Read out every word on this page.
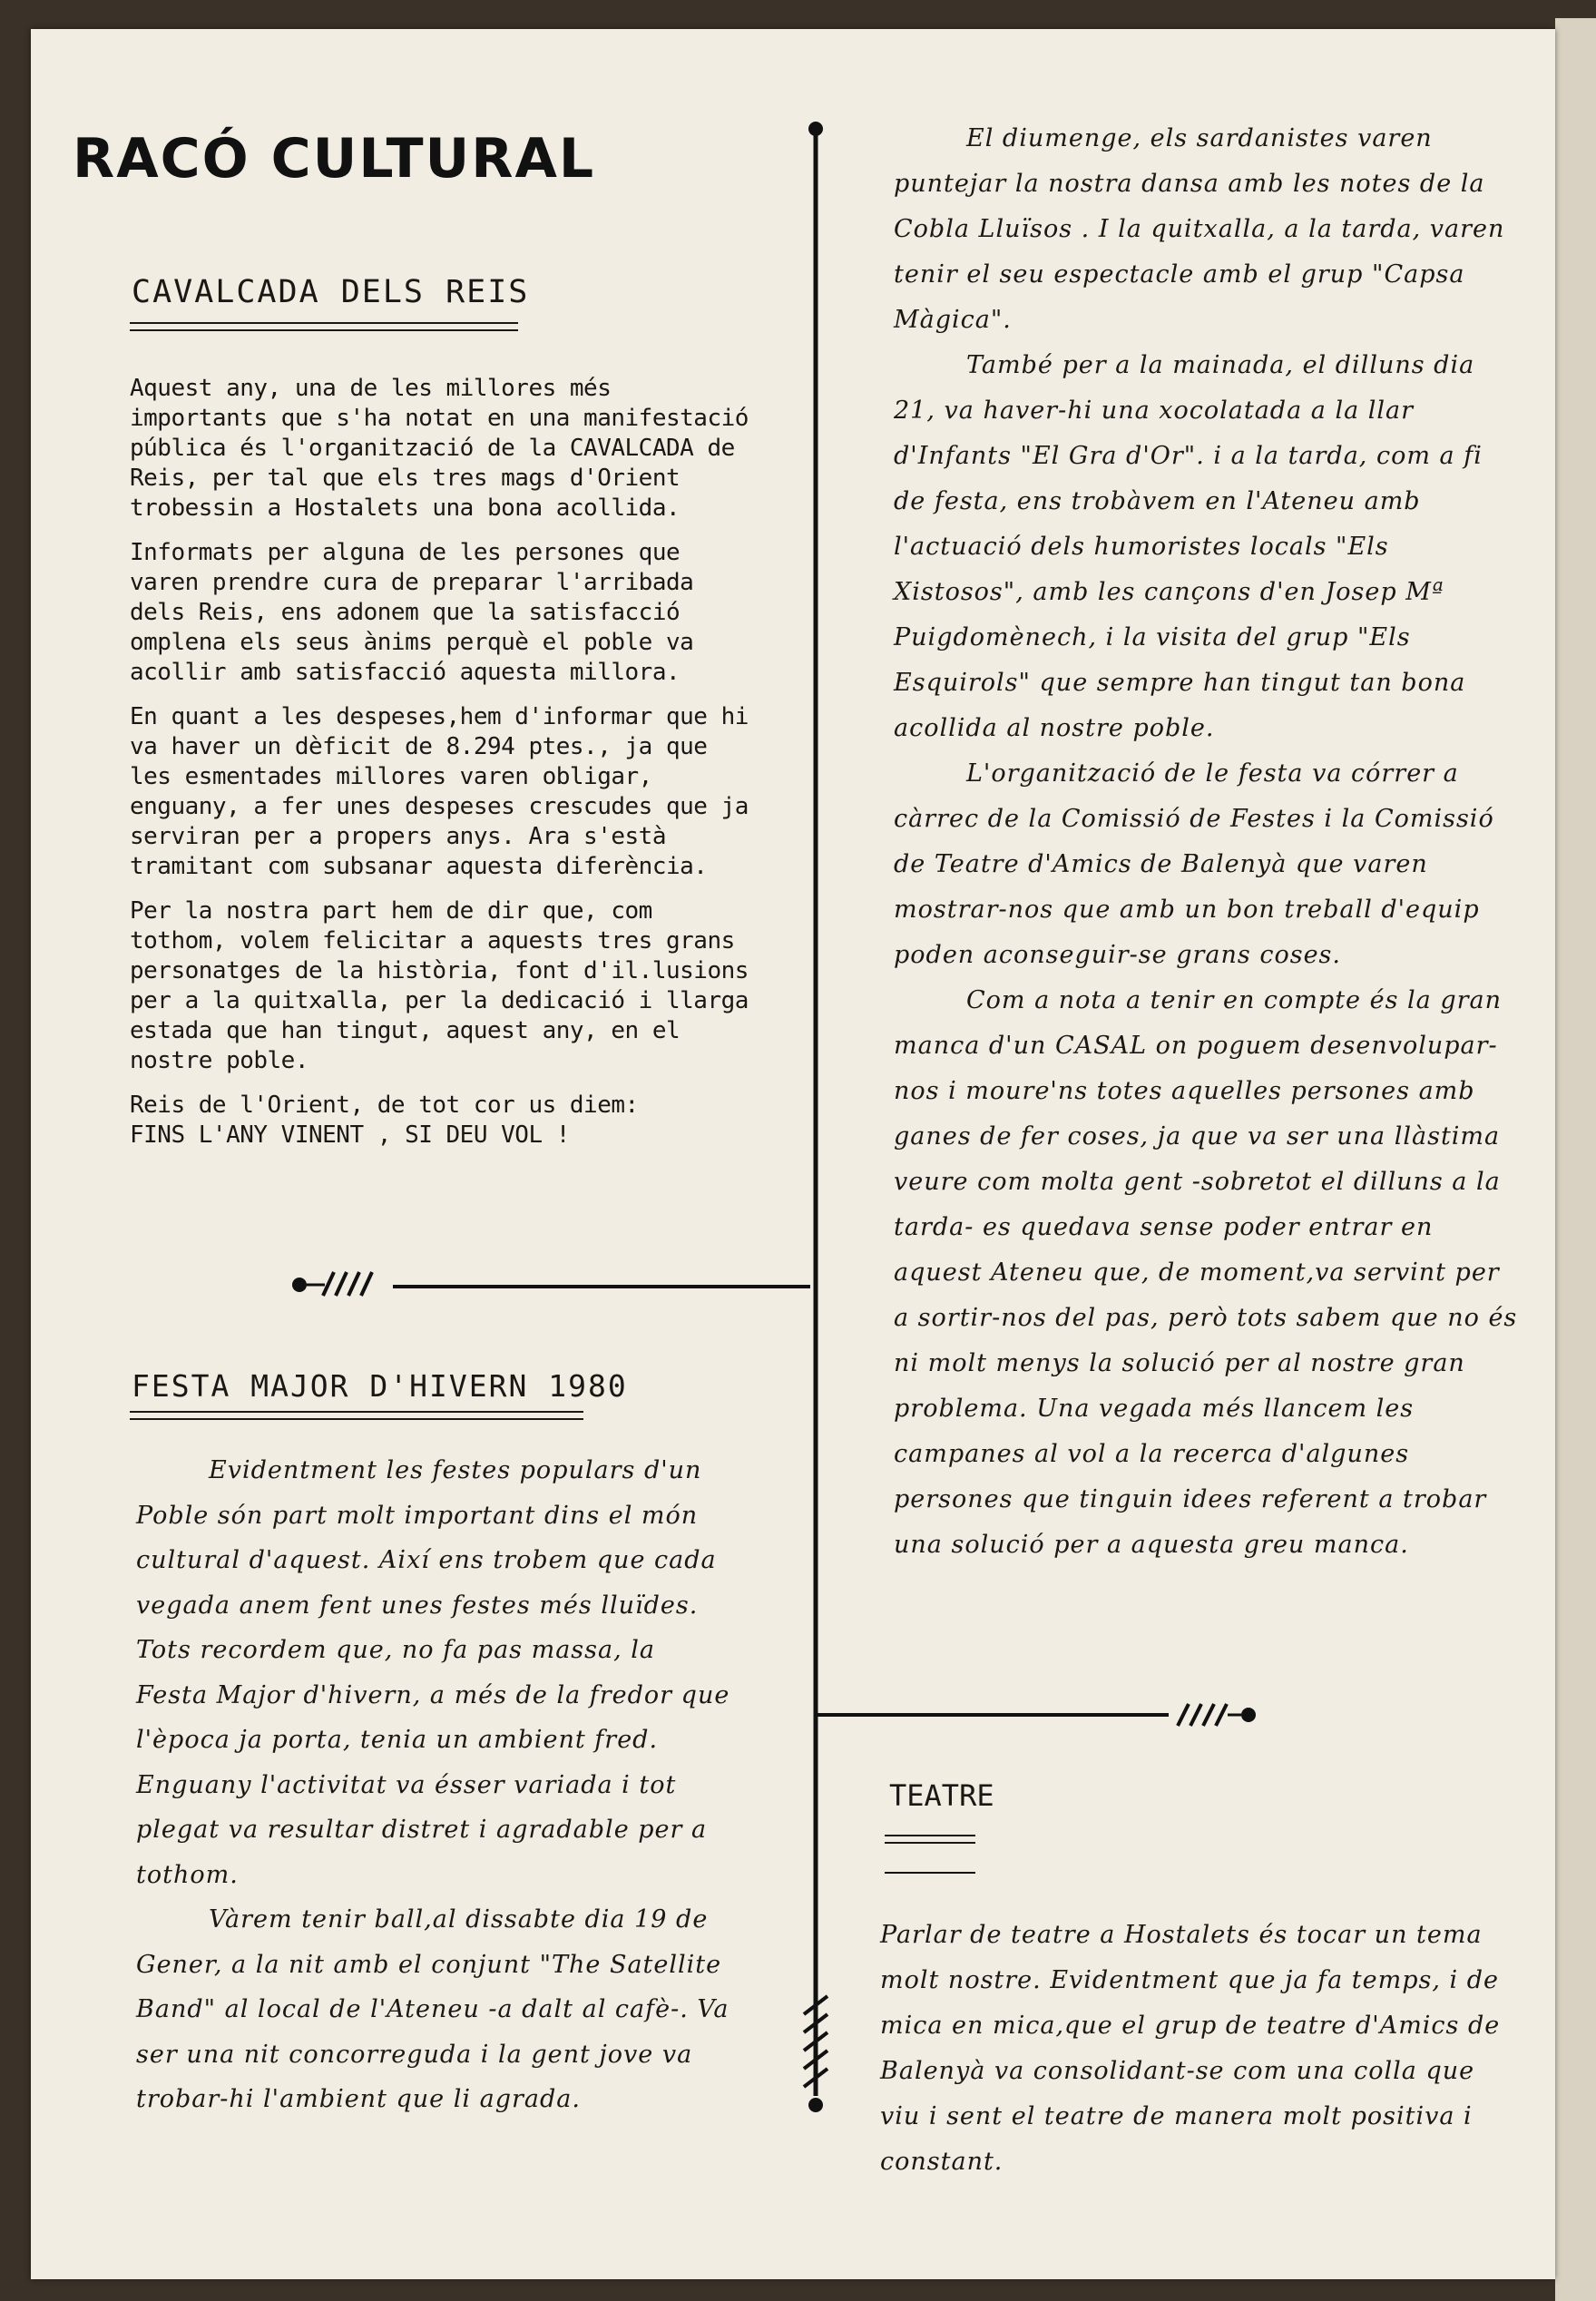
RACÓ CULTURAL
CAVALCADA DELS REIS

Aquest any, una de les millores més importants que s'ha notat en una manifestació pública és l'organització de la CAVALCADA de Reis, per tal que els tres mags d'Orient trobessin a Hostalets una bona acollida.

Informats per alguna de les persones que varen prendre cura de preparar l'arribada dels Reis, ens adonem que la satisfacció omplena els seus ànims perquè el poble va acollir amb satisfacció aquesta millora.

En quant a les despeses,hem d'informar que hi va haver un dèficit de 8.294 ptes., ja que les esmentades millores varen obligar, enguany, a fer unes despeses crescudes que ja serviran per a propers anys. Ara s'està tramitant com subsanar aquesta diferència.

Per la nostra part hem de dir que, com tothom, volem felicitar a aquests tres grans personatges de la història, font d'il.lusions per a la quitxalla, per la dedicació i llarga estada que han tingut, aquest any, en el nostre poble.

Reis de l'Orient, de tot cor us diem:

FINS L'ANY VINENT , SI DEU VOL !

FESTA MAJOR D'HIVERN 1980

Evidentment les festes populars d'un Poble són part molt important dins el món cultural d'aquest. Així ens trobem que cada vegada anem fent unes festes més lluïdes. Tots recordem que, no fa pas massa, la Festa Major d'hivern, a més de la fredor que l'època ja porta, tenia un ambient fred. Enguany l'activitat va ésser variada i tot plegat va resultar distret i agradable per a tothom.

Vàrem tenir ball,al dissabte dia 19 de Gener, a la nit amb el conjunt "The Satellite Band" al local de l'Ateneu -a dalt al cafè-. Va ser una nit concorreguda i la gent jove va trobar-hi l'ambient que li agrada.

El diumenge, els sardanistes varen puntejar la nostra dansa amb les notes de la Cobla Lluïsos . I la quitxalla, a la tarda, varen tenir el seu espectacle amb el grup "Capsa Màgica".

També per a la mainada, el dilluns dia 21, va haver-hi una xocolatada a la llar d'Infants "El Gra d'Or". i a la tarda, com a fi de festa, ens trobàvem en l'Ateneu amb l'actuació dels humoristes locals "Els Xistosos", amb les cançons d'en Josep Mª Puigdomènech, i la visita del grup "Els Esquirols" que sempre han tingut tan bona acollida al nostre poble.

L'organització de le festa va córrer a càrrec de la Comissió de Festes i la Comissió de Teatre d'Amics de Balenyà que varen mostrar-nos que amb un bon treball d'equip poden aconseguir-se grans coses.

Com a nota a tenir en compte és la gran manca d'un CASAL on poguem desenvolupar-nos i moure'ns totes aquelles persones amb ganes de fer coses, ja que va ser una llàstima veure com molta gent -sobretot el dilluns a la tarda- es quedava sense poder entrar en aquest Ateneu que, de moment,va servint per a sortir-nos del pas, però tots sabem que no és ni molt menys la solució per al nostre gran problema. Una vegada més llancem les campanes al vol a la recerca d'algunes persones que tinguin idees referent a trobar una solució per a aquesta greu manca.

TEATRE

Parlar de teatre a Hostalets és tocar un tema molt nostre. Evidentment que ja fa temps, i de mica en mica,que el grup de teatre d'Amics de Balenyà va consolidant-se com una colla que viu i sent el teatre de manera molt positiva i constant.
